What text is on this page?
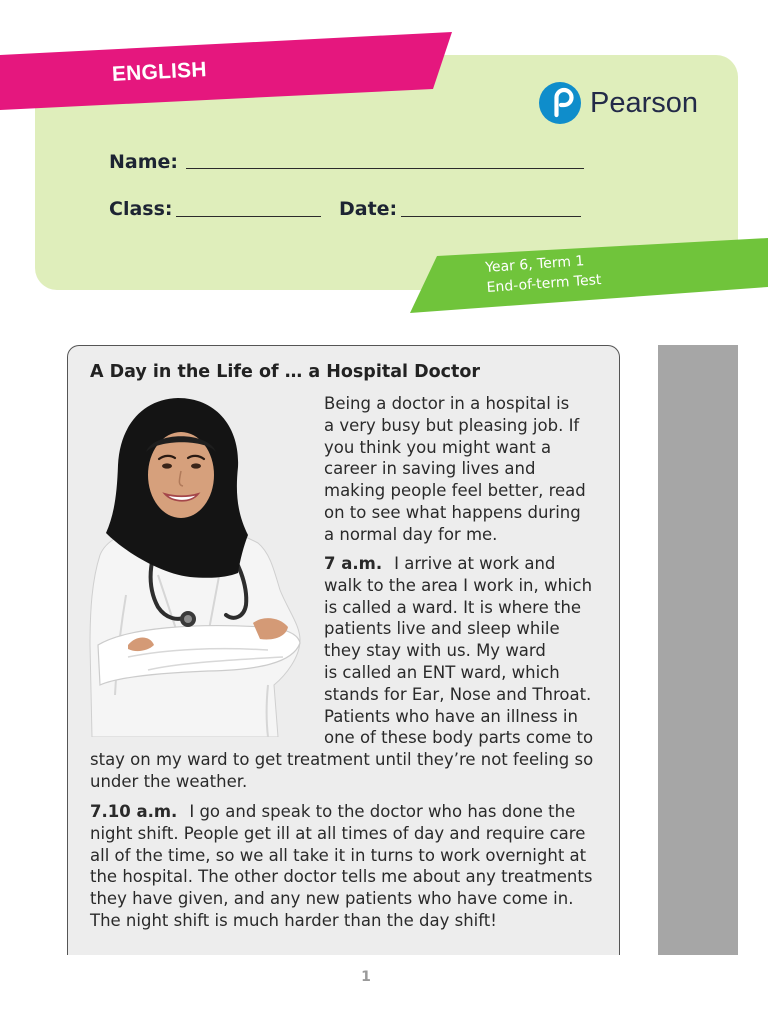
ENGLISH
Pearson
Name:
Class:	Date:
Year 6, Term 1
End-of-term Test
A Day in the Life of … a Hospital Doctor
Being a doctor in a hospital is
a very busy but pleasing job. If
you think you might want a
career in saving lives and
making people feel better, read
on to see what happens during
a normal day for me.
7 a.m. I arrive at work and
walk to the area I work in, which
is called a ward. It is where the
patients live and sleep while
they stay with us. My ward
is called an ENT ward, which
stands for Ear, Nose and Throat.
Patients who have an illness in
one of these body parts come to
stay on my ward to get treatment until they’re not feeling so
under the weather.
7.10 a.m. I go and speak to the doctor who has done the
night shift. People get ill at all times of day and require care
all of the time, so we all take it in turns to work overnight at
the hospital. The other doctor tells me about any treatments
they have given, and any new patients who have come in.
The night shift is much harder than the day shift!
1
